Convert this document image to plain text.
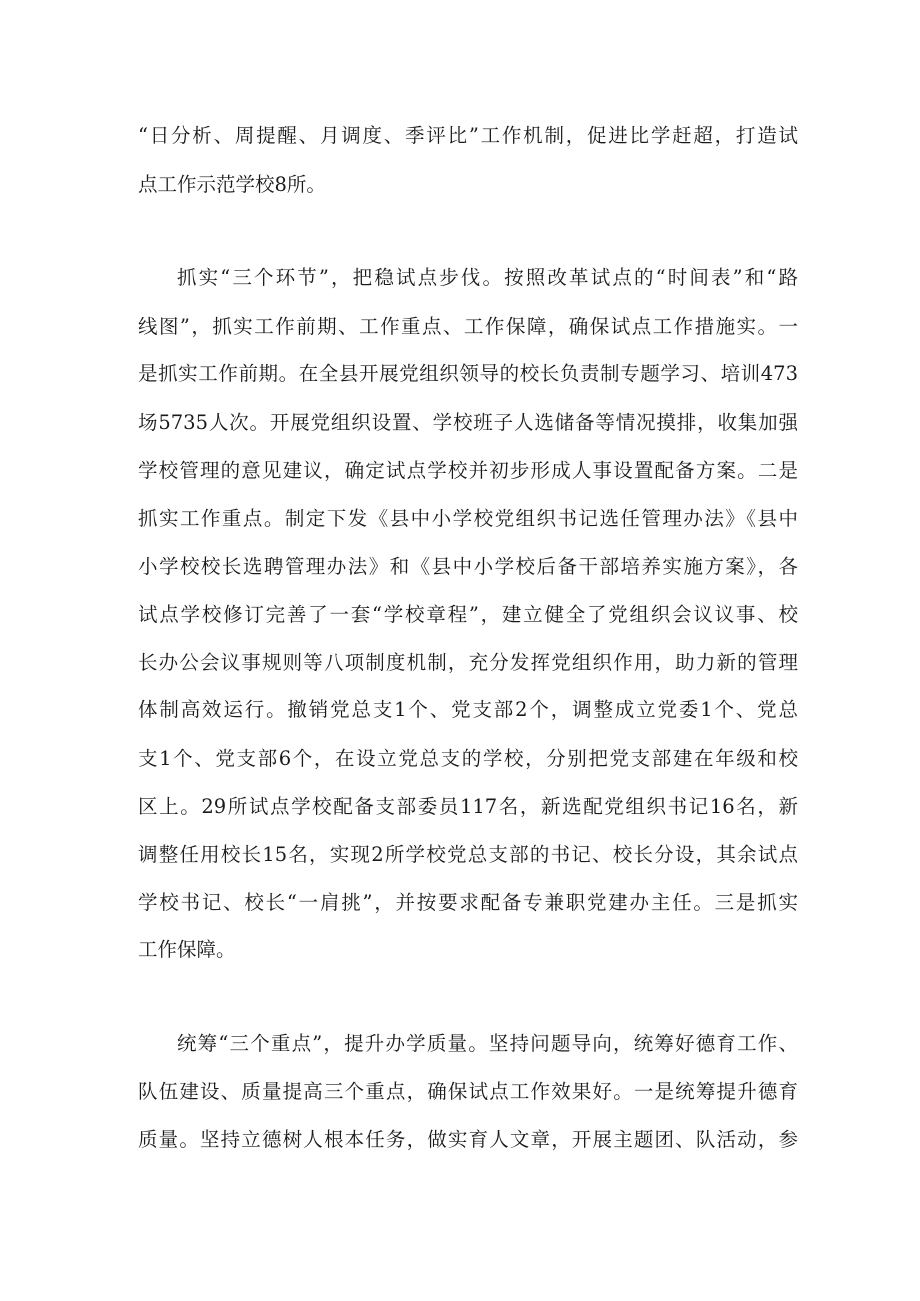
“日分析、周提醒、月调度、季评比”工作机制，促进比学赶超，打造试

点工作示范学校8所。

抓实“三个环节”，把稳试点步伐。按照改革试点的“时间表”和“路

线图”，抓实工作前期、工作重点、工作保障，确保试点工作措施实。一

是抓实工作前期。在全县开展党组织领导的校长负责制专题学习、培训473

场5735人次。开展党组织设置、学校班子人选储备等情况摸排，收集加强

学校管理的意见建议，确定试点学校并初步形成人事设置配备方案。二是

抓实工作重点。制定下发《县中小学校党组织书记选任管理办法》《县中

小学校校长选聘管理办法》和《县中小学校后备干部培养实施方案》，各

试点学校修订完善了一套“学校章程”，建立健全了党组织会议议事、校

长办公会议事规则等八项制度机制，充分发挥党组织作用，助力新的管理

体制高效运行。撤销党总支1个、党支部2个，调整成立党委1个、党总

支1个、党支部6个，在设立党总支的学校，分别把党支部建在年级和校

区上。29所试点学校配备支部委员117名，新选配党组织书记16名，新

调整任用校长15名，实现2所学校党总支部的书记、校长分设，其余试点

学校书记、校长“一肩挑”，并按要求配备专兼职党建办主任。三是抓实

工作保障。

统筹“三个重点”，提升办学质量。坚持问题导向，统筹好德育工作、

队伍建设、质量提高三个重点，确保试点工作效果好。一是统筹提升德育

质量。坚持立德树人根本任务，做实育人文章，开展主题团、队活动，参
